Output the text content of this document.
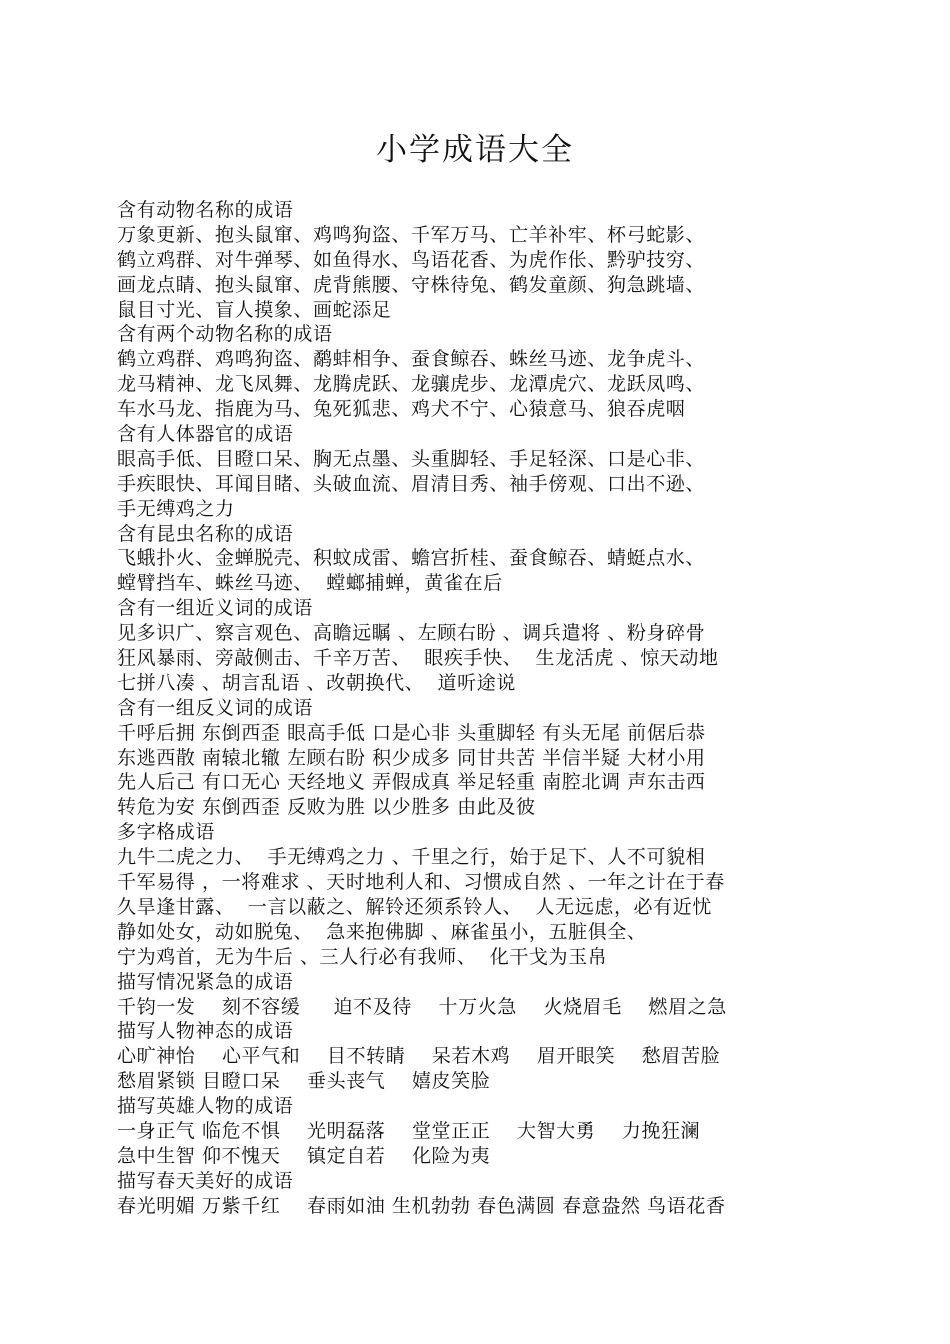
小学成语大全
含有动物名称的成语
万象更新、抱头鼠窜、鸡鸣狗盗、千军万马、亡羊补牢、杯弓蛇影、
鹤立鸡群、对牛弹琴、如鱼得水、鸟语花香、为虎作伥、黔驴技穷、
画龙点睛、抱头鼠窜、虎背熊腰、守株待兔、鹤发童颜、狗急跳墙、
鼠目寸光、盲人摸象、画蛇添足
含有两个动物名称的成语
鹤立鸡群、鸡鸣狗盗、鹬蚌相争、蚕食鲸吞、蛛丝马迹、龙争虎斗、
龙马精神、龙飞凤舞、龙腾虎跃、龙骧虎步、龙潭虎穴、龙跃凤鸣、
车水马龙、指鹿为马、兔死狐悲、鸡犬不宁、心猿意马、狼吞虎咽
含有人体器官的成语
眼高手低、目瞪口呆、胸无点墨、头重脚轻、手足轻深、口是心非、
手疾眼快、耳闻目睹、头破血流、眉清目秀、袖手傍观、口出不逊、
手无缚鸡之力
含有昆虫名称的成语
飞蛾扑火、金蝉脱壳、积蚊成雷、蟾宫折桂、蚕食鲸吞、蜻蜓点水、
螳臂挡车、蛛丝马迹、  螳螂捕蝉，黄雀在后
含有一组近义词的成语
见多识广、察言观色、高瞻远瞩 、左顾右盼 、调兵遣将 、粉身碎骨
狂风暴雨、旁敲侧击、千辛万苦、  眼疾手快、  生龙活虎 、惊天动地
七拼八凑 、胡言乱语 、改朝换代、  道听途说
含有一组反义词的成语
千呼后拥 东倒西歪 眼高手低 口是心非 头重脚轻 有头无尾 前倨后恭
东逃西散 南辕北辙 左顾右盼 积少成多 同甘共苦 半信半疑 大材小用
先人后己 有口无心 天经地义 弄假成真 举足轻重 南腔北调 声东击西
转危为安 东倒西歪 反败为胜 以少胜多 由此及彼
多字格成语
九牛二虎之力、  手无缚鸡之力 、千里之行，始于足下、人不可貌相
千军易得 ，一将难求 、天时地利人和、习惯成自然 、一年之计在于春
久旱逢甘露、  一言以蔽之、解铃还须系铃人、  人无远虑，必有近忧
静如处女，动如脱兔、  急来抱佛脚 、麻雀虽小，五脏俱全、
宁为鸡首，无为牛后 、三人行必有我师、  化干戈为玉帛
描写情况紧急的成语
千钧一发    刻不容缓     迫不及待    十万火急    火烧眉毛    燃眉之急
描写人物神态的成语
心旷神怡    心平气和    目不转睛    呆若木鸡    眉开眼笑    愁眉苦脸
愁眉紧锁 目瞪口呆    垂头丧气    嬉皮笑脸
描写英雄人物的成语
一身正气 临危不惧    光明磊落    堂堂正正    大智大勇    力挽狂澜
急中生智 仰不愧天    镇定自若    化险为夷
描写春天美好的成语
春光明媚 万紫千红    春雨如油 生机勃勃 春色满圆 春意盎然 鸟语花香
